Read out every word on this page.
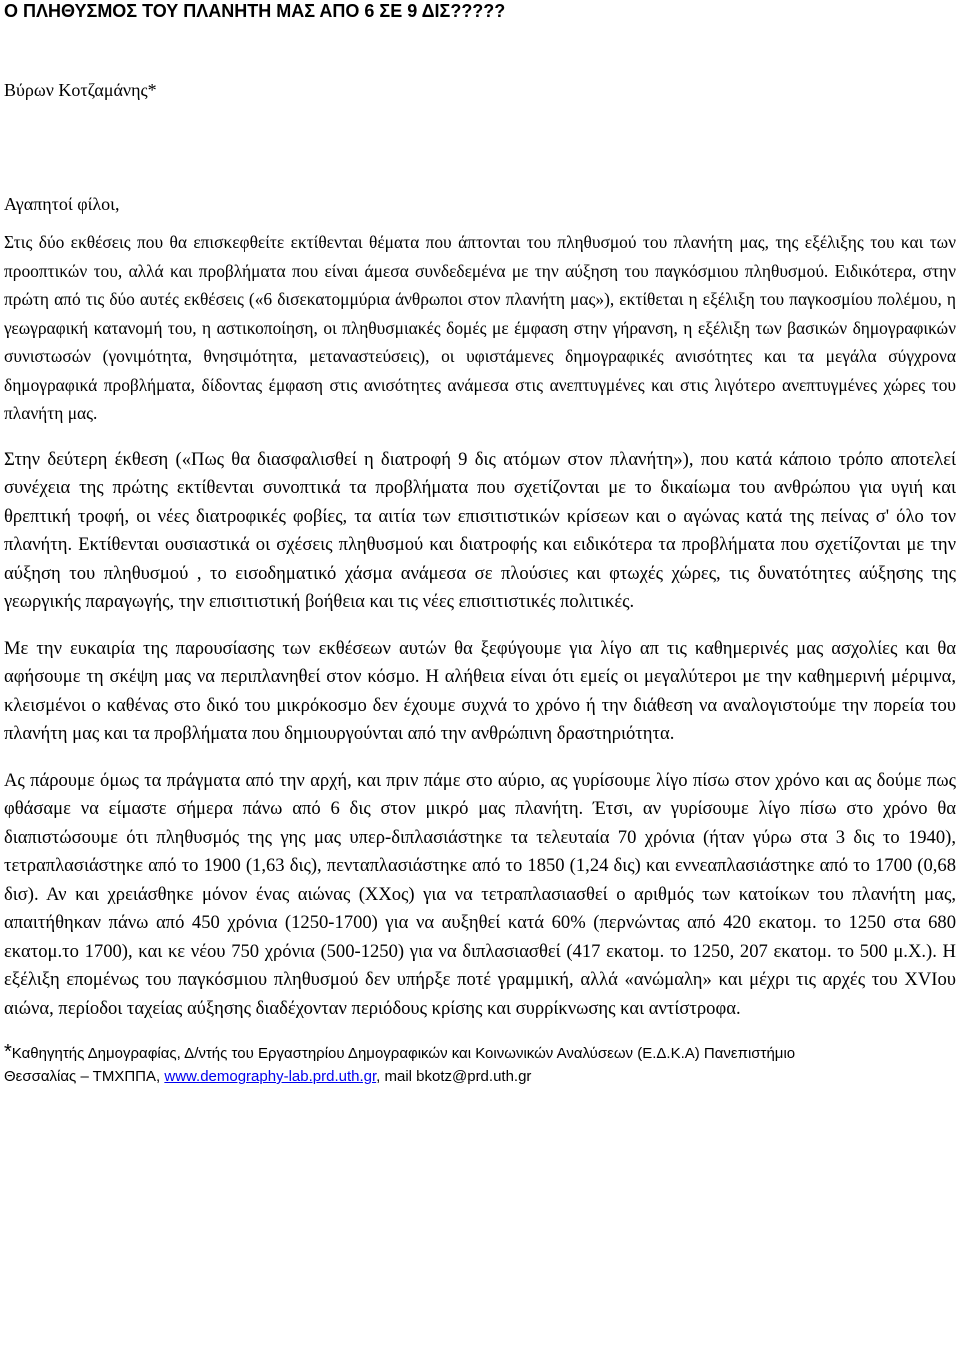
Ο ΠΛΗΘΥΣΜΟΣ ΤΟΥ ΠΛΑΝΗΤΗ ΜΑΣ ΑΠΟ 6 ΣΕ 9 ΔΙΣ?????
Βύρων Κοτζαμάνης*
Αγαπητοί φίλοι,

Στις δύο εκθέσεις που θα επισκεφθείτε εκτίθενται θέματα που άπτονται του πληθυσμού του πλανήτη μας, της εξέλιξης του και των προοπτικών του, αλλά και προβλήματα που είναι άμεσα συνδεδεμένα με την αύξηση του παγκόσμιου πληθυσμού. Ειδικότερα, στην πρώτη από τις δύο αυτές εκθέσεις («6 δισεκατομμύρια άνθρωποι στον πλανήτη μας»), εκτίθεται η εξέλιξη του παγκοσμίου πολέμου, η γεωγραφική κατανομή του, η αστικοποίηση, οι πληθυσμιακές δομές με έμφαση στην γήρανση, η εξέλιξη των βασικών δημογραφικών συνιστωσών (γονιμότητα, θνησιμότητα, μεταναστεύσεις), οι υφιστάμενες δημογραφικές ανισότητες και τα μεγάλα σύγχρονα δημογραφικά προβλήματα, δίδοντας έμφαση στις ανισότητες ανάμεσα στις ανεπτυγμένες και στις λιγότερο ανεπτυγμένες χώρες του πλανήτη μας.

Στην δεύτερη έκθεση («Πως θα διασφαλισθεί η διατροφή 9 δις ατόμων στον πλανήτη»), που κατά κάποιο τρόπο αποτελεί συνέχεια της πρώτης εκτίθενται συνοπτικά τα προβλήματα που σχετίζονται με το δικαίωμα του ανθρώπου για υγιή και θρεπτική τροφή, οι νέες διατροφικές φοβίες, τα αιτία των επισιτιστικών κρίσεων και ο αγώνας κατά της πείνας σ' όλο τον πλανήτη. Εκτίθενται ουσιαστικά οι σχέσεις πληθυσμού και διατροφής και ειδικότερα τα προβλήματα που σχετίζονται με την αύξηση του πληθυσμού , το εισοδηματικό χάσμα ανάμεσα σε πλούσιες και φτωχές χώρες, τις δυνατότητες αύξησης της γεωργικής παραγωγής, την επισιτιστική βοήθεια και τις νέες επισιτιστικές πολιτικές.

Με την ευκαιρία της παρουσίασης των εκθέσεων αυτών θα ξεφύγουμε για λίγο απ τις καθημερινές μας ασχολίες και θα αφήσουμε τη σκέψη μας να περιπλανηθεί στον κόσμο. Η αλήθεια είναι ότι εμείς οι μεγαλύτεροι με την καθημερινή μέριμνα, κλεισμένοι ο καθένας στο δικό του μικρόκοσμο δεν έχουμε συχνά το χρόνο ή την διάθεση να αναλογιστούμε την πορεία του πλανήτη μας και τα προβλήματα που δημιουργούνται από την ανθρώπινη δραστηριότητα.

Ας πάρουμε όμως τα πράγματα από την αρχή, και πριν πάμε στο αύριο, ας γυρίσουμε λίγο πίσω στον χρόνο και ας δούμε πως φθάσαμε να είμαστε σήμερα πάνω από 6 δις στον μικρό μας πλανήτη. Έτσι, αν γυρίσουμε λίγο πίσω στο χρόνο θα διαπιστώσουμε ότι πληθυσμός της γης μας υπερ-διπλασιάστηκε τα τελευταία 70 χρόνια (ήταν γύρω στα 3 δις το 1940), τετραπλασιάστηκε από το 1900 (1,63 δις), πενταπλασιάστηκε από το 1850 (1,24 δις) και εννεαπλασιάστηκε από το 1700 (0,68 δισ). Αν και χρειάσθηκε μόνον ένας αιώνας (XXος) για να τετραπλασιασθεί ο αριθμός των κατοίκων του πλανήτη μας, απαιτήθηκαν πάνω από 450 χρόνια (1250-1700) για να αυξηθεί κατά 60% (περνώντας από 420 εκατομ. το 1250 στα 680 εκατομ.το 1700), και κε νέου 750 χρόνια (500-1250) για να διπλασιασθεί (417 εκατομ. το 1250, 207 εκατομ. το 500 μ.Χ.). Η εξέλιξη επομένως του παγκόσμιου πληθυσμού δεν υπήρξε ποτέ γραμμική, αλλά «ανώμαλη» και μέχρι τις αρχές του XVIου αιώνα, περίοδοι ταχείας αύξησης διαδέχονταν περιόδους κρίσης και συρρίκνωσης και αντίστροφα.

*Καθηγητής Δημογραφίας, Δ/ντής του Εργαστηρίου Δημογραφικών και Κοινωνικών Αναλύσεων (Ε.Δ.Κ.Α) Πανεπιστήμιο
Θεσσαλίας – ΤΜΧΠΠΑ, www.demography-lab.prd.uth.gr, mail bkotz@prd.uth.gr
